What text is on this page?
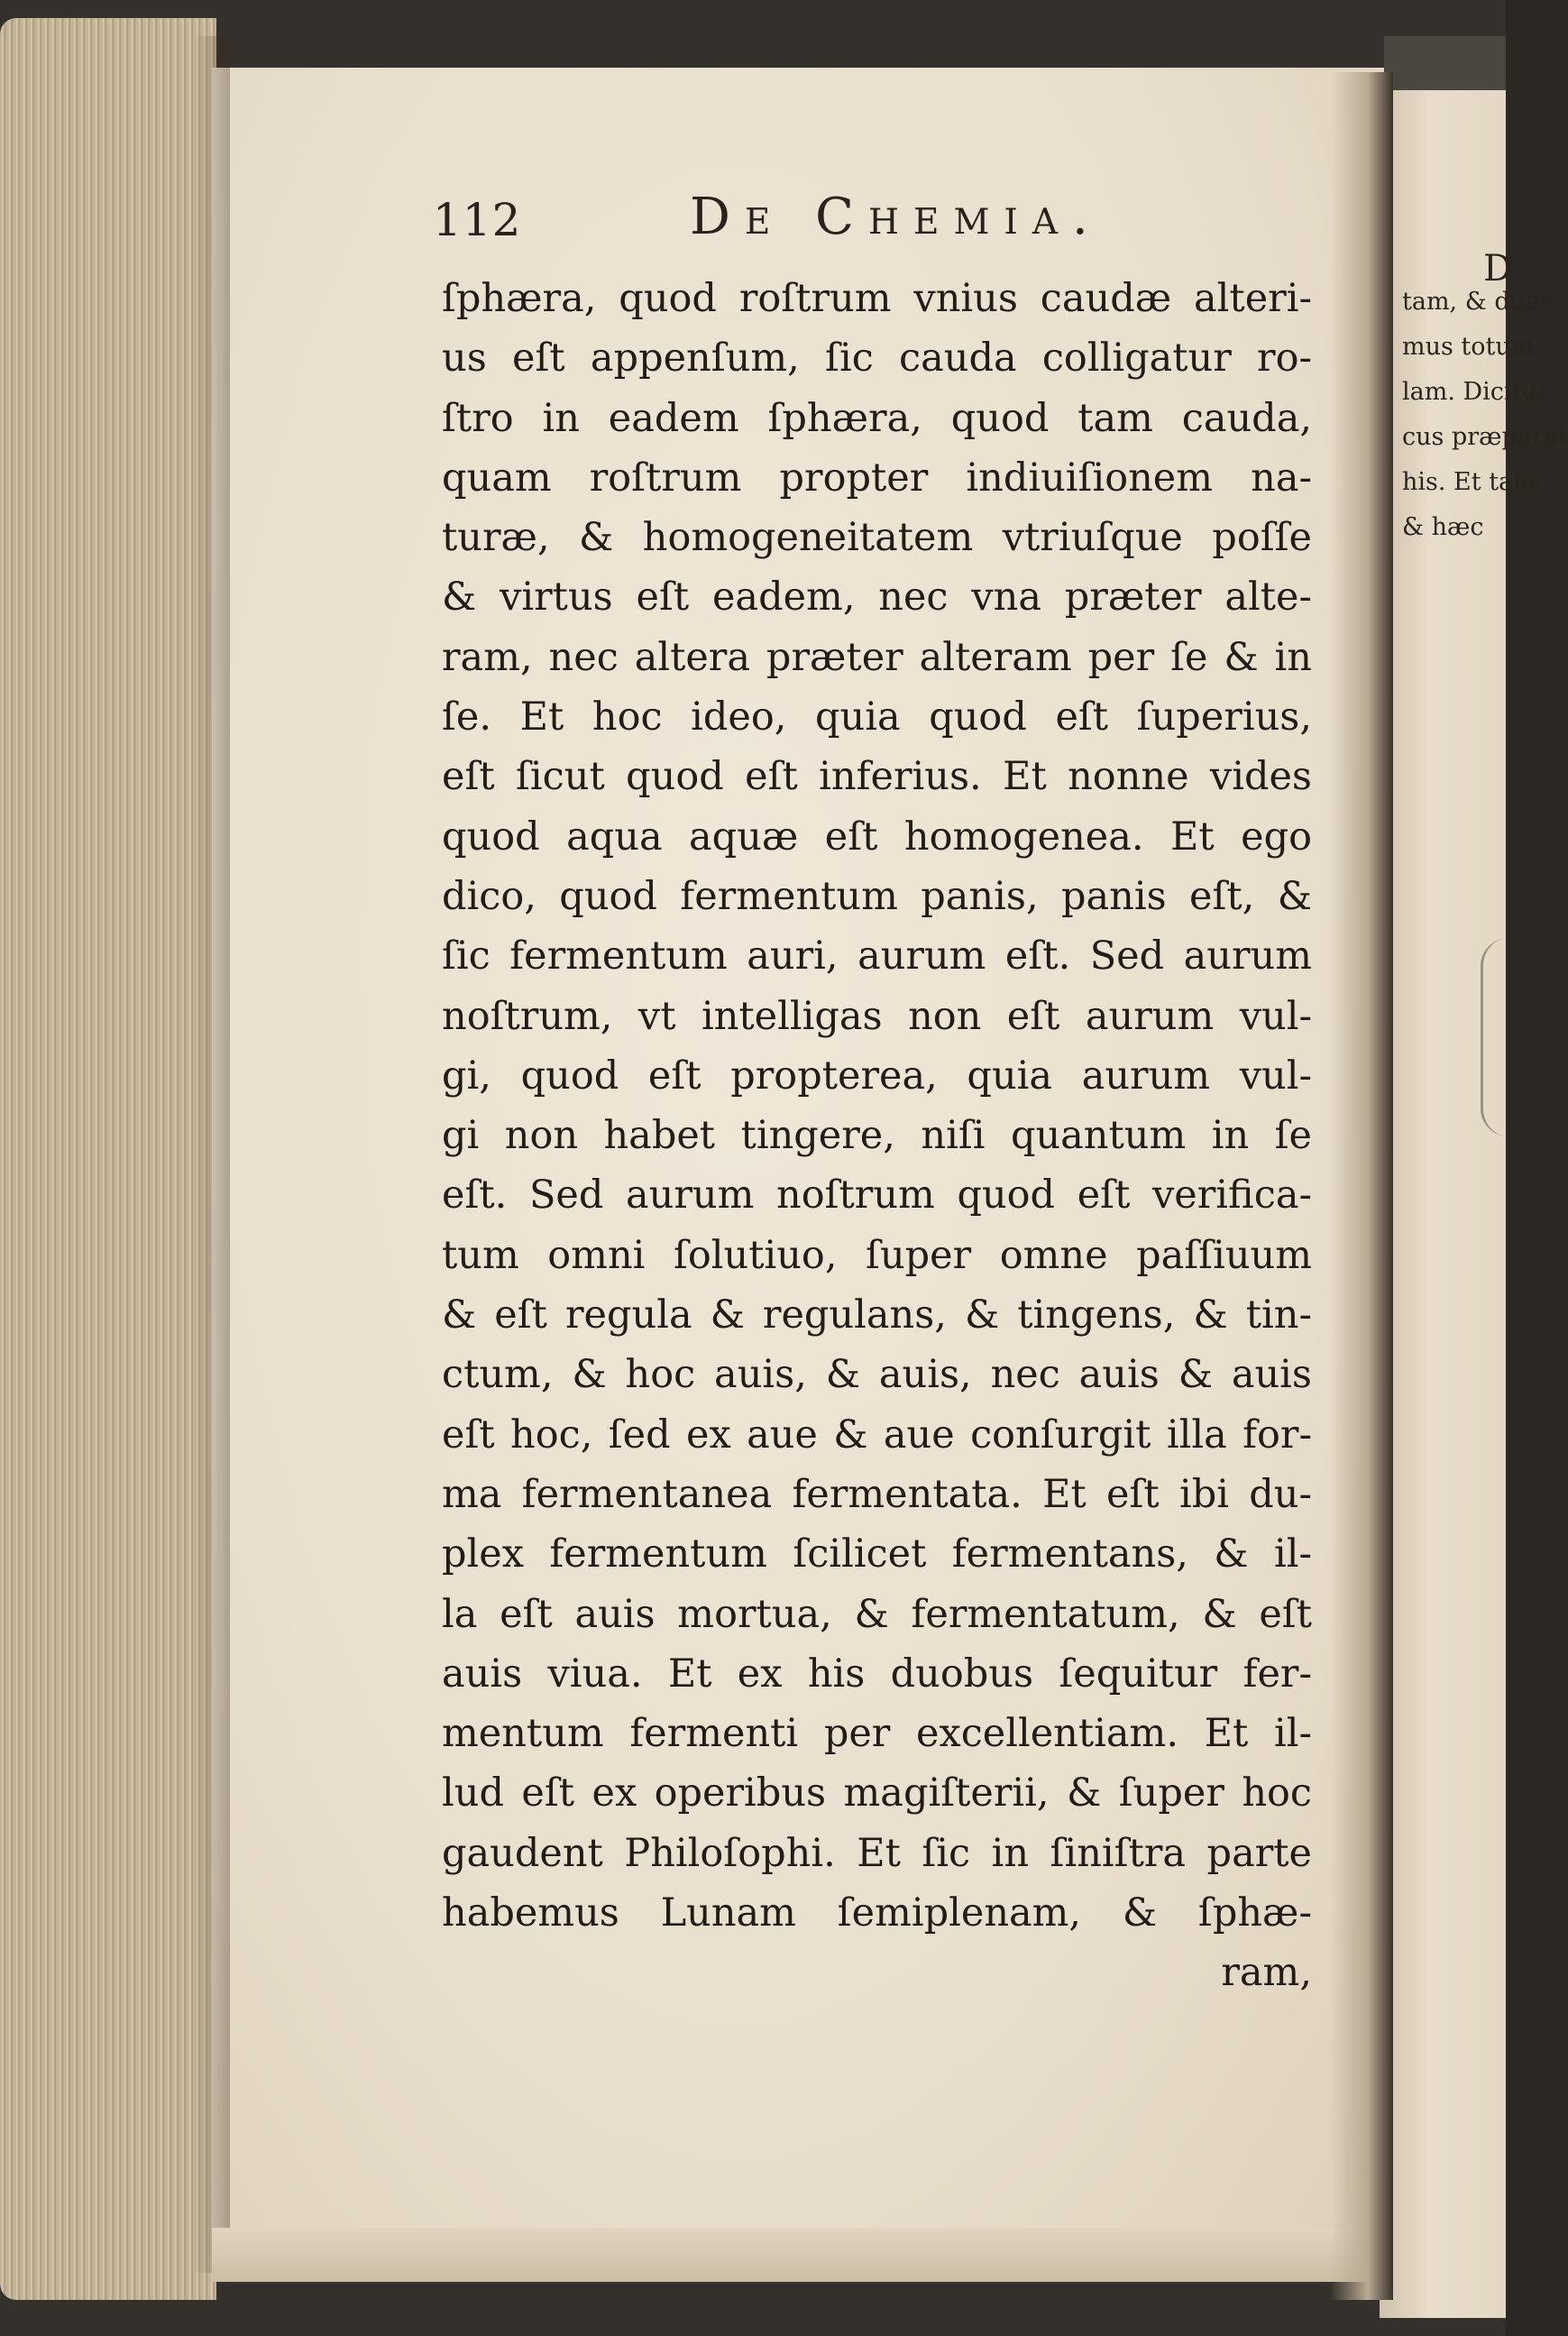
112	De Chemia.
ſphæra, quod roſtrum vnius caudæ alteri-
us eſt appenſum, ſic cauda colligatur ro-
ſtro in eadem ſphæra, quod tam cauda,
quam roſtrum propter indiuiſionem na-
turæ, & homogeneitatem vtriuſque poſſe
& virtus eſt eadem, nec vna præter alte-
ram, nec altera præter alteram per ſe & in
ſe. Et hoc ideo, quia quod eſt ſuperius,
eſt ſicut quod eſt inferius. Et nonne vides
quod aqua aquæ eſt homogenea. Et ego
dico, quod fermentum panis, panis eſt, &
ſic fermentum auri, aurum eſt. Sed aurum
noſtrum, vt intelligas non eſt aurum vul-
gi, quod eſt propterea, quia aurum vul-
gi non habet tingere, niſi quantum in ſe
eſt. Sed aurum noſtrum quod eſt verifica-
tum omni ſolutiuo, ſuper omne paſſiuum
& eſt regula & regulans, & tingens, & tin-
ctum, & hoc auis, & auis, nec auis & auis
eſt hoc, ſed ex aue & aue conſurgit illa for-
ma fermentanea fermentata. Et eſt ibi du-
plex fermentum ſcilicet fermentans, & il-
la eſt auis mortua, & fermentatum, & eſt
auis viua. Et ex his duobus ſequitur fer-
mentum fermenti per excellentiam. Et il-
lud eſt ex operibus magiſterii, & ſuper hoc
gaudent Philoſophi. Et ſic in ſiniſtra parte
habemus Lunam ſemiplenam, & ſphæ-
ram,
D
tam, & duas
mus totum
lam. Dicitur
cus præparat
his. Et talis
& hæc
